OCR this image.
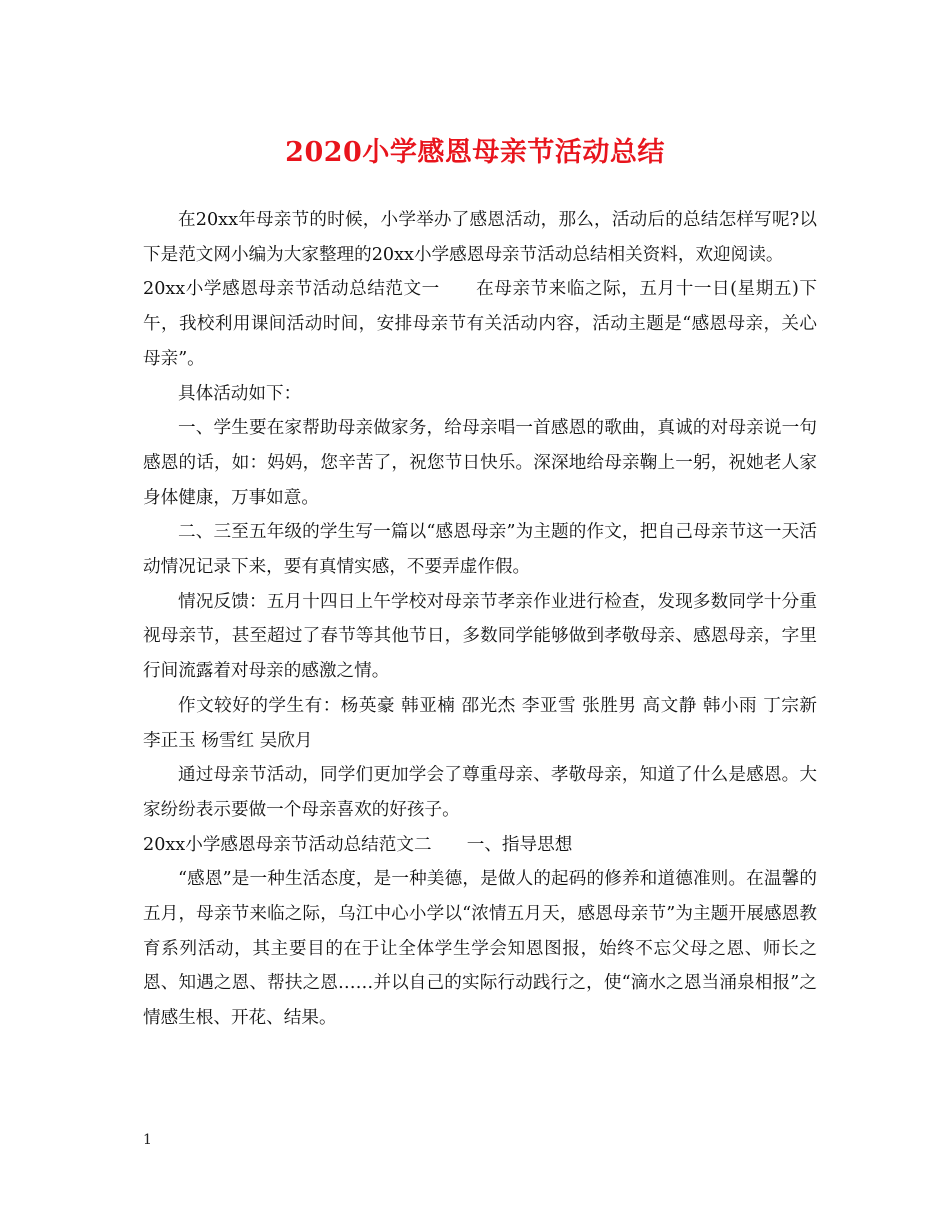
2020小学感恩母亲节活动总结

在20xx年母亲节的时候，小学举办了感恩活动，那么，活动后的总结怎样写呢?以下是范文网小编为大家整理的20xx小学感恩母亲节活动总结相关资料，欢迎阅读。

20xx小学感恩母亲节活动总结范文一　　在母亲节来临之际，五月十一日(星期五)下午，我校利用课间活动时间，安排母亲节有关活动内容，活动主题是“感恩母亲，关心母亲”。

具体活动如下：

一、学生要在家帮助母亲做家务，给母亲唱一首感恩的歌曲，真诚的对母亲说一句感恩的话，如：妈妈，您辛苦了，祝您节日快乐。深深地给母亲鞠上一躬，祝她老人家身体健康，万事如意。

二、三至五年级的学生写一篇以“感恩母亲”为主题的作文，把自己母亲节这一天活动情况记录下来，要有真情实感，不要弄虚作假。

情况反馈：五月十四日上午学校对母亲节孝亲作业进行检查，发现多数同学十分重视母亲节，甚至超过了春节等其他节日，多数同学能够做到孝敬母亲、感恩母亲，字里行间流露着对母亲的感激之情。

作文较好的学生有：杨英豪 韩亚楠 邵光杰 李亚雪 张胜男 高文静 韩小雨 丁宗新 李正玉 杨雪红 吴欣月

通过母亲节活动，同学们更加学会了尊重母亲、孝敬母亲，知道了什么是感恩。大家纷纷表示要做一个母亲喜欢的好孩子。

20xx小学感恩母亲节活动总结范文二　　一、指导思想

“感恩”是一种生活态度，是一种美德，是做人的起码的修养和道德准则。在温馨的五月，母亲节来临之际，乌江中心小学以“浓情五月天，感恩母亲节”为主题开展感恩教育系列活动，其主要目的在于让全体学生学会知恩图报，始终不忘父母之恩、师长之恩、知遇之恩、帮扶之恩……并以自己的实际行动践行之，使“滴水之恩当涌泉相报”之情感生根、开花、结果。

1
